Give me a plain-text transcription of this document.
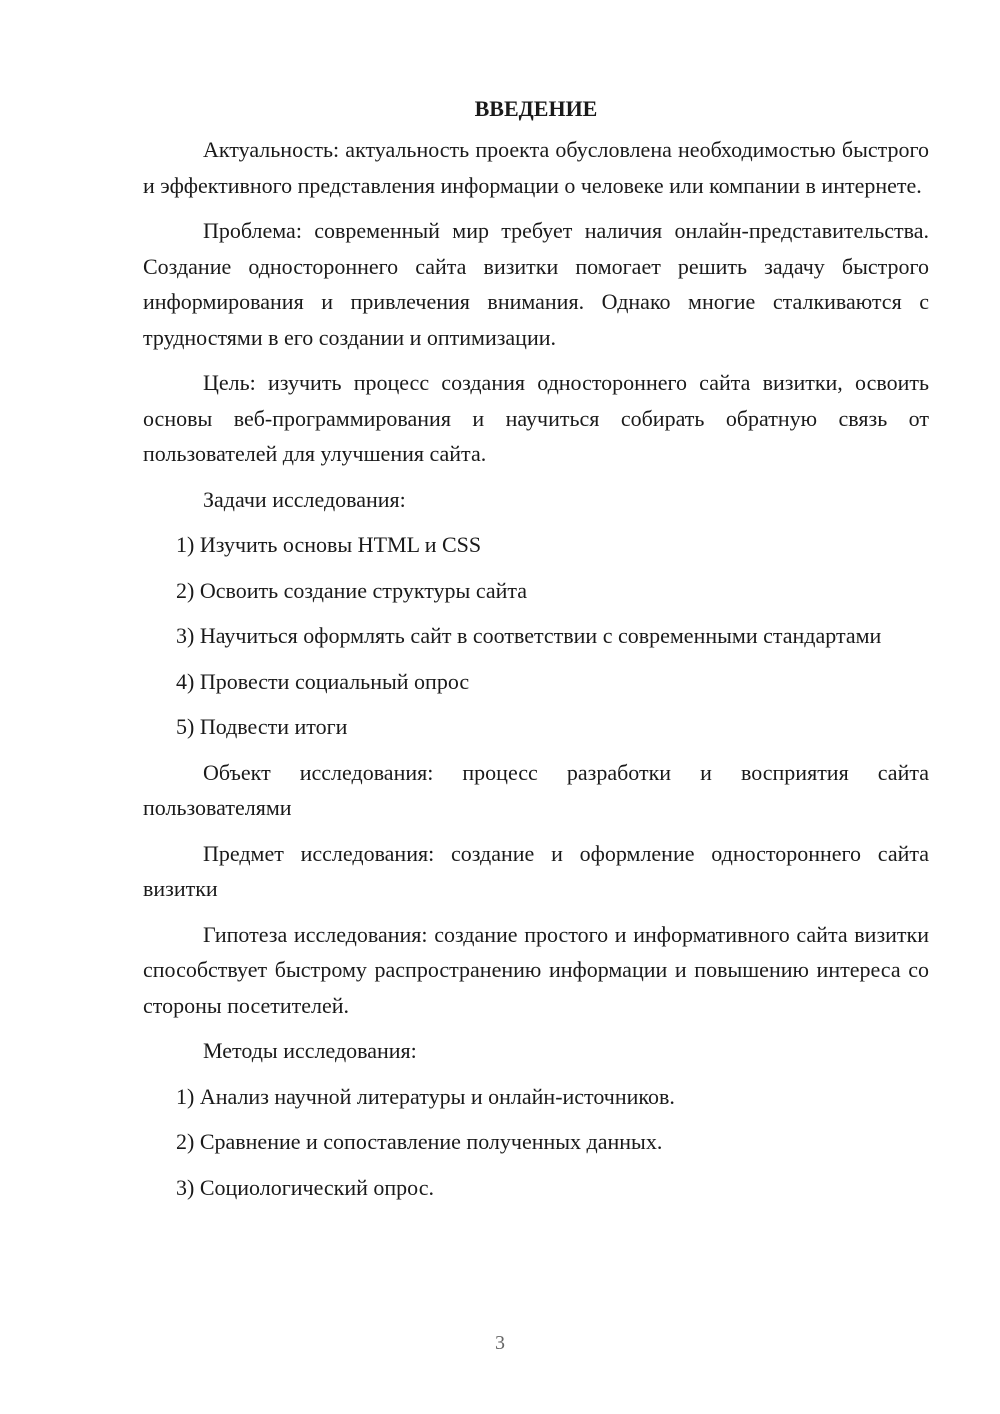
ВВЕДЕНИЕ

Актуальность: актуальность проекта обусловлена необходимостью быстрого и эффективного представления информации о человеке или компании в интернете.

Проблема: современный мир требует наличия онлайн-представительства. Создание одностороннего сайта визитки помогает решить задачу быстрого информирования и привлечения внимания. Однако многие сталкиваются с трудностями в его создании и оптимизации.

Цель: изучить процесс создания одностороннего сайта визитки, освоить основы веб-программирования и научиться собирать обратную связь от пользователей для улучшения сайта.

Задачи исследования:

1) Изучить основы HTML и CSS

2) Освоить создание структуры сайта

3) Научиться оформлять сайт в соответствии с современными стандартами

4) Провести социальный опрос

5) Подвести итоги

Объект исследования: процесс разработки и восприятия сайта пользователями

Предмет исследования: создание и оформление одностороннего сайта визитки

Гипотеза исследования: создание простого и информативного сайта визитки способствует быстрому распространению информации и повышению интереса со стороны посетителей.

Методы исследования:

1) Анализ научной литературы и онлайн-источников.

2) Сравнение и сопоставление полученных данных.

3) Социологический опрос.

3
